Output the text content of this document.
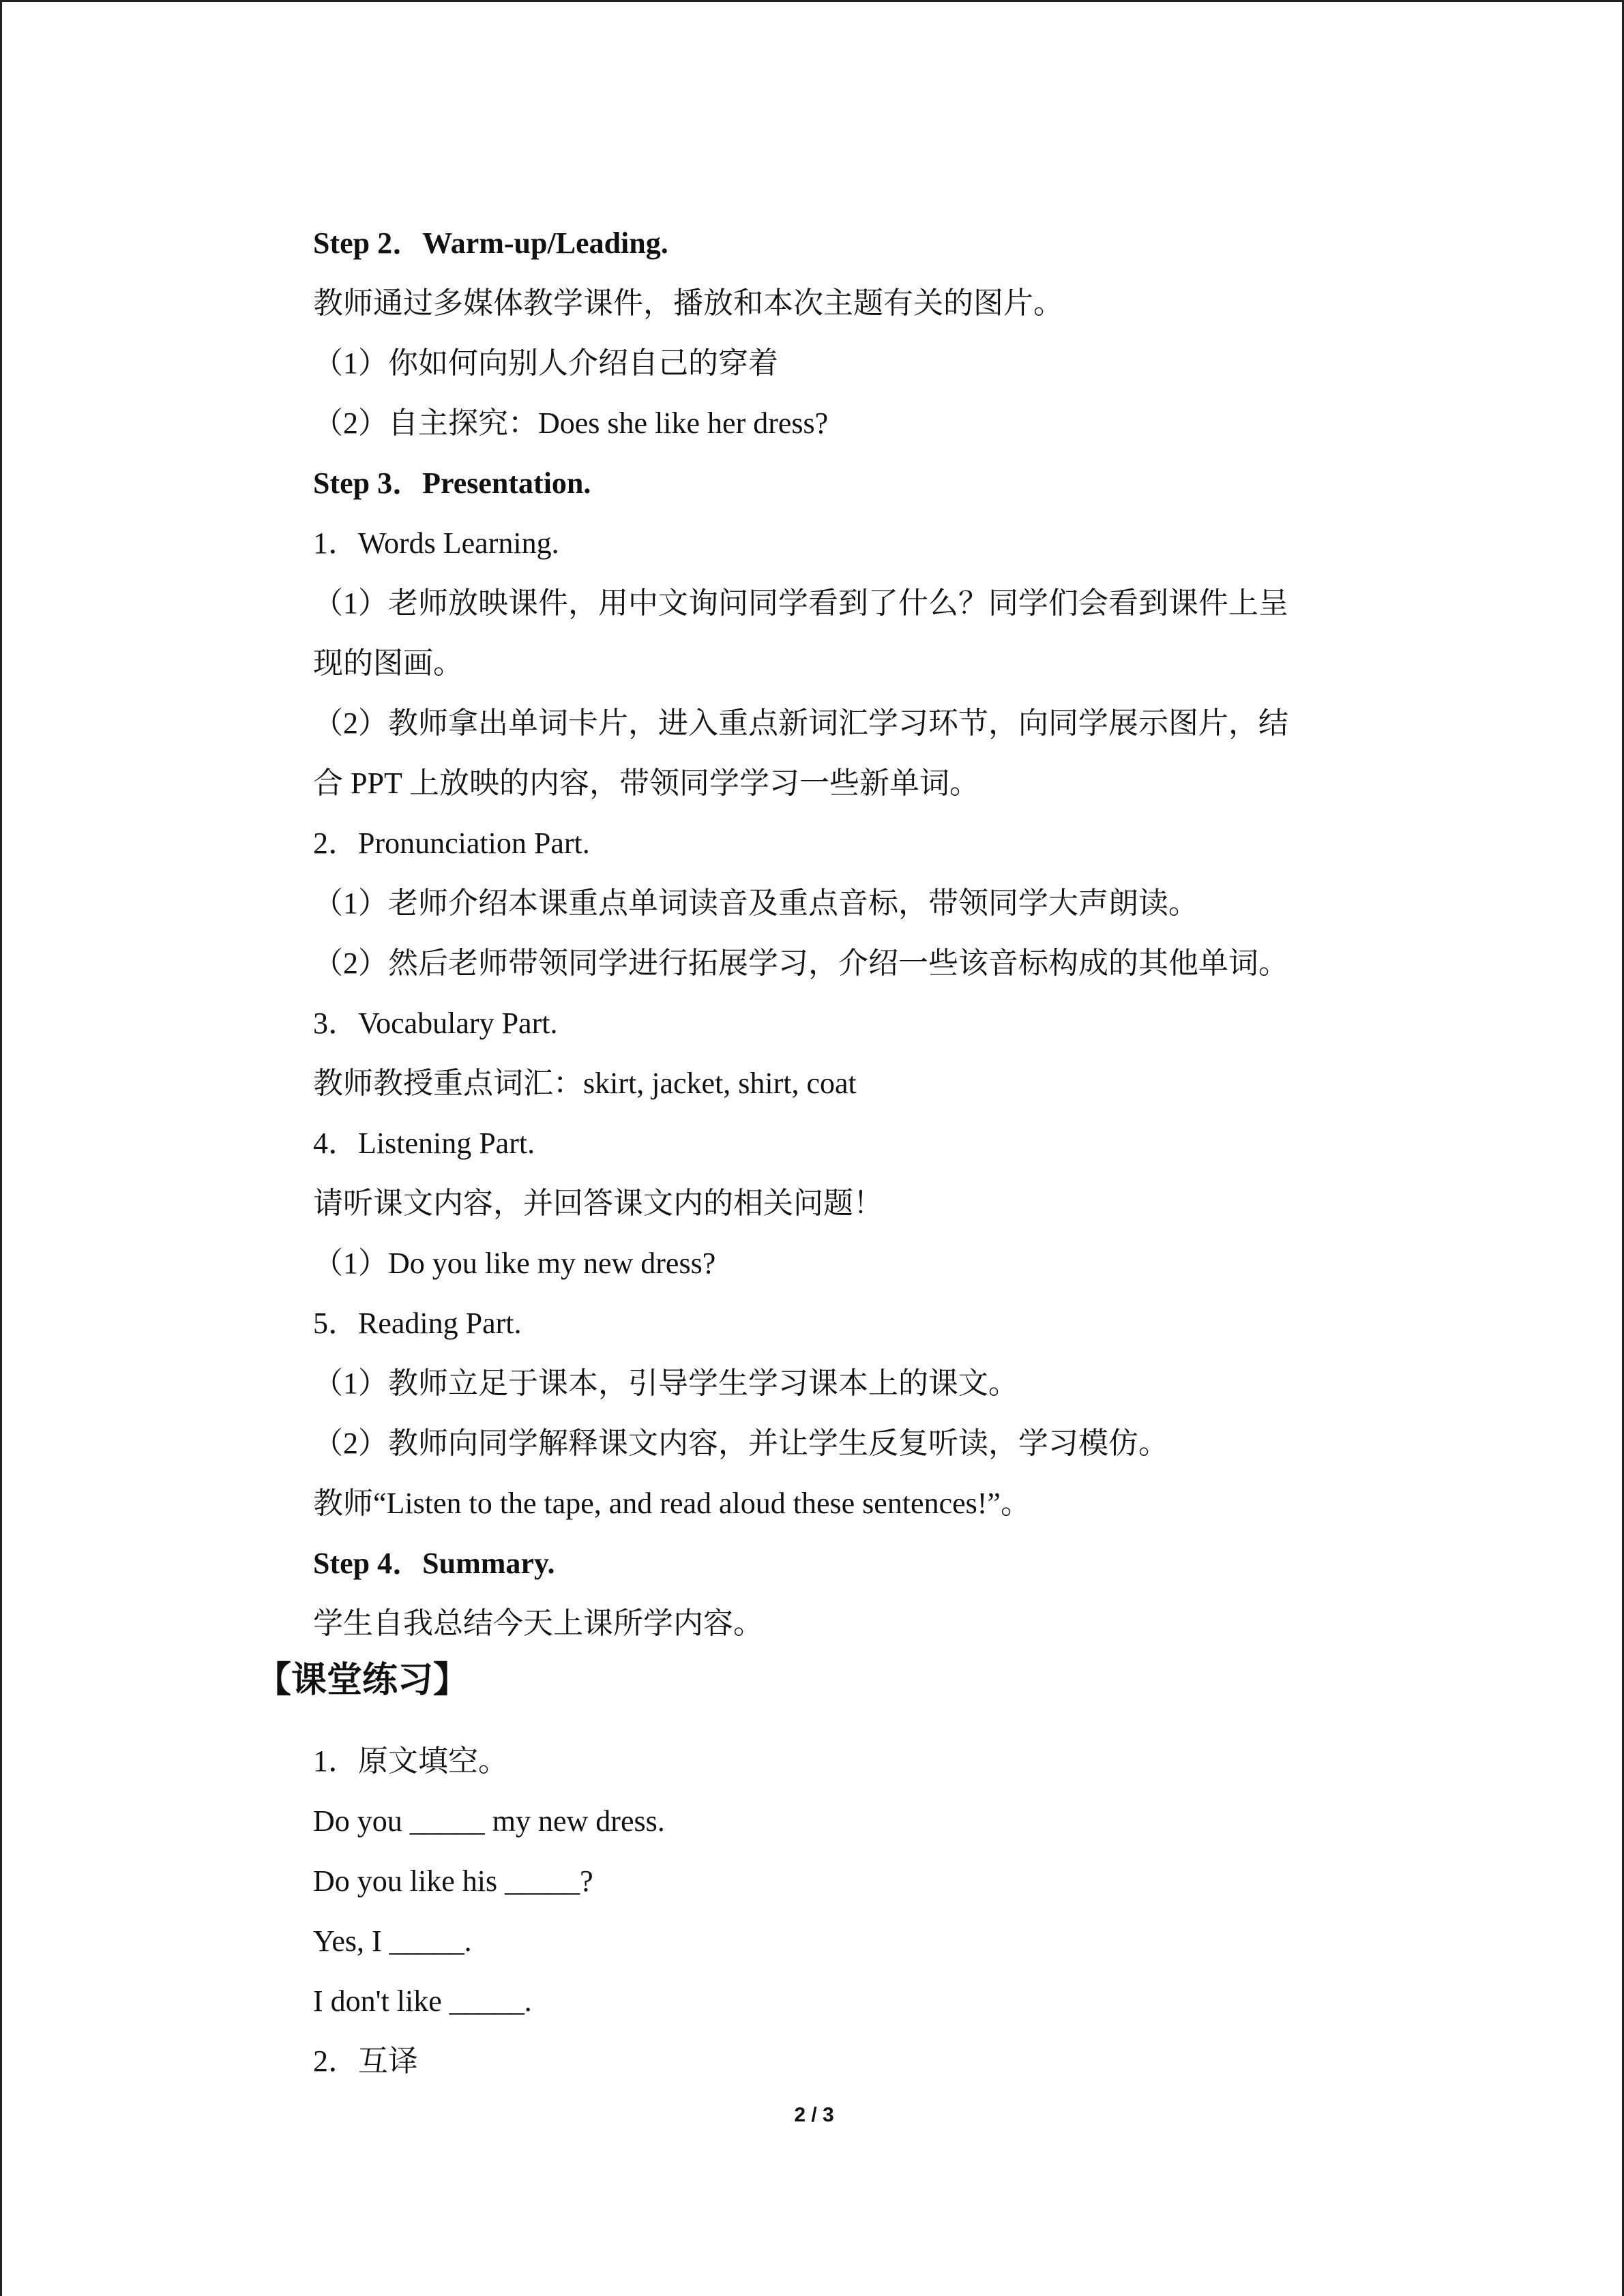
Step 2．Warm-up/Leading.
教师通过多媒体教学课件，播放和本次主题有关的图片。
（1）你如何向别人介绍自己的穿着
（2）自主探究：Does she like her dress?
Step 3．Presentation.
1．Words Learning.
（1）老师放映课件，用中文询问同学看到了什么？同学们会看到课件上呈
现的图画。
（2）教师拿出单词卡片，进入重点新词汇学习环节，向同学展示图片，结
合 PPT 上放映的内容，带领同学学习一些新单词。
2．Pronunciation Part.
（1）老师介绍本课重点单词读音及重点音标，带领同学大声朗读。
（2）然后老师带领同学进行拓展学习，介绍一些该音标构成的其他单词。
3．Vocabulary Part.
教师教授重点词汇：skirt, jacket, shirt, coat
4．Listening Part.
请听课文内容，并回答课文内的相关问题！
（1）Do you like my new dress?
5．Reading Part.
（1）教师立足于课本，引导学生学习课本上的课文。
（2）教师向同学解释课文内容，并让学生反复听读，学习模仿。
教师“Listen to the tape, and read aloud these sentences!”。
Step 4．Summary.
学生自我总结今天上课所学内容。
【课堂练习】
1．原文填空。
Do you _____ my new dress.
Do you like his _____?
Yes, I _____.
I don't like _____.
2．互译
2 / 3
